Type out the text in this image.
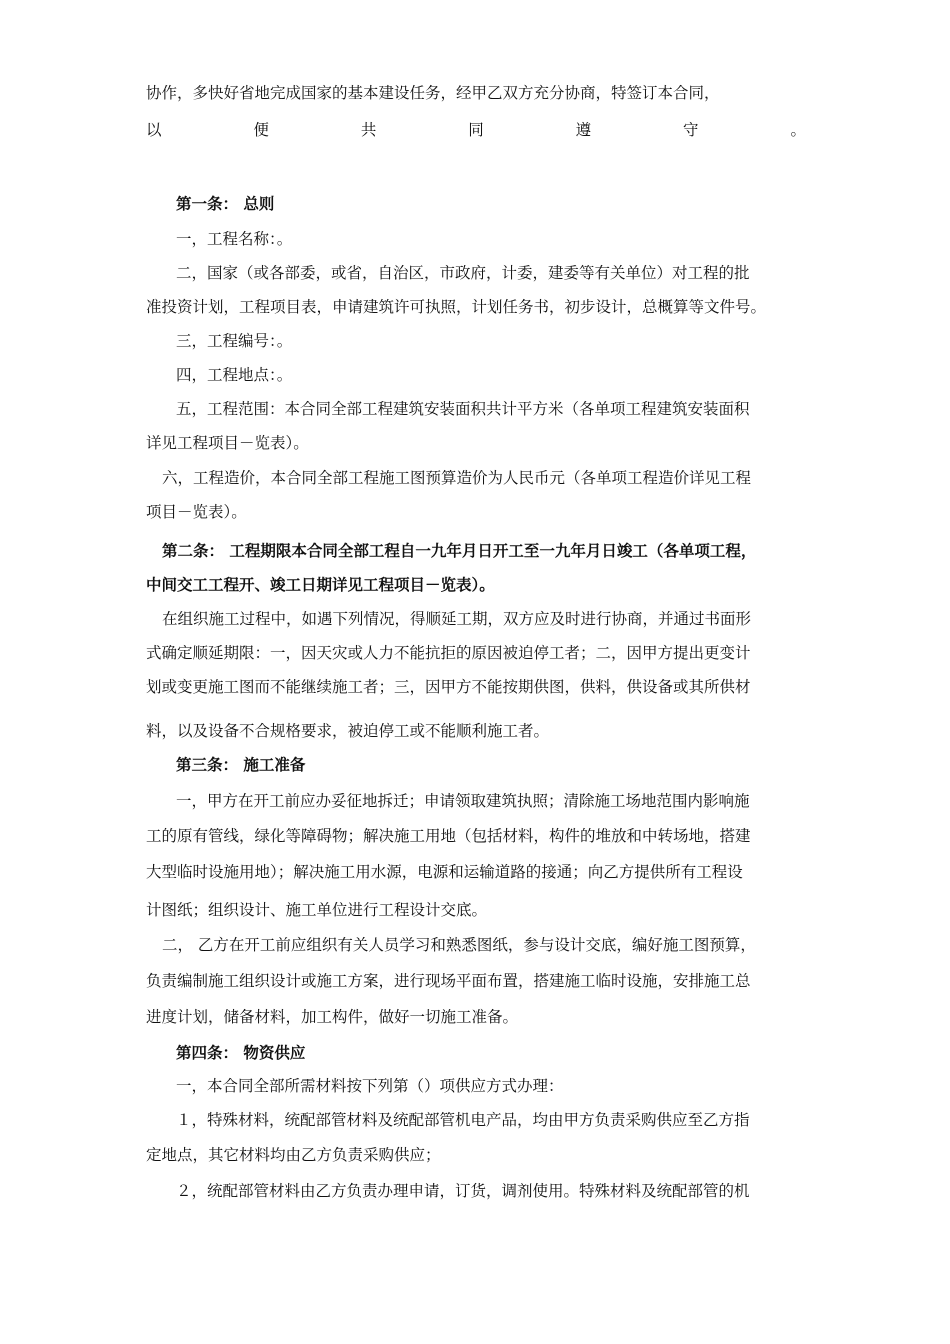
协作，多快好省地完成国家的基本建设任务，经甲乙双方充分协商，特签订本合同，
以	便	共	同	遵	守	。
第一条： 总则
一，工程名称：。
二，国家（或各部委，或省，自治区，市政府，计委，建委等有关单位）对工程的批
准投资计划，工程项目表，申请建筑许可执照，计划任务书，初步设计，总概算等文件号。
三，工程编号：。
四，工程地点：。
五，工程范围：本合同全部工程建筑安装面积共计平方米（各单项工程建筑安装面积
详见工程项目－览表）。
六，工程造价，本合同全部工程施工图预算造价为人民币元（各单项工程造价详见工程
项目－览表）。
第二条： 工程期限本合同全部工程自一九年月日开工至一九年月日竣工（各单项工程，
中间交工工程开、竣工日期详见工程项目－览表）。
在组织施工过程中，如遇下列情况，得顺延工期，双方应及时进行协商，并通过书面形
式确定顺延期限：一，因天灾或人力不能抗拒的原因被迫停工者；二，因甲方提出更变计
划或变更施工图而不能继续施工者；三，因甲方不能按期供图，供料，供设备或其所供材
料，以及设备不合规格要求，被迫停工或不能顺利施工者。
第三条： 施工准备
一，甲方在开工前应办妥征地拆迁；申请领取建筑执照；清除施工场地范围内影响施
工的原有管线，绿化等障碍物；解决施工用地（包括材料，构件的堆放和中转场地，搭建
大型临时设施用地）；解决施工用水源，电源和运输道路的接通；向乙方提供所有工程设
计图纸；组织设计、施工单位进行工程设计交底。
二， 乙方在开工前应组织有关人员学习和熟悉图纸，参与设计交底，编好施工图预算，
负责编制施工组织设计或施工方案，进行现场平面布置，搭建施工临时设施，安排施工总
进度计划，储备材料，加工构件，做好一切施工准备。
第四条： 物资供应
一，本合同全部所需材料按下列第（）项供应方式办理：
１，特殊材料，统配部管材料及统配部管机电产品，均由甲方负责采购供应至乙方指
定地点，其它材料均由乙方负责采购供应；
２，统配部管材料由乙方负责办理申请，订货，调剂使用。特殊材料及统配部管的机
